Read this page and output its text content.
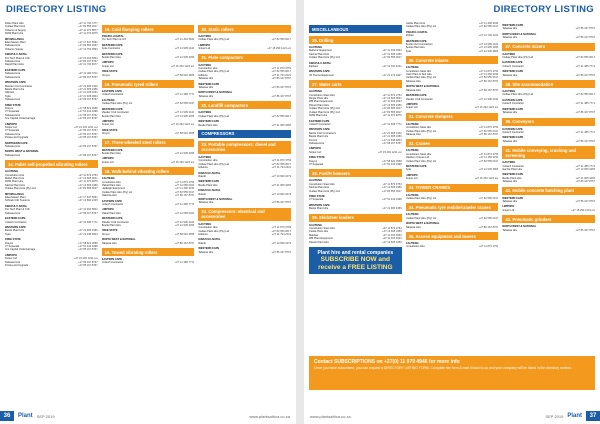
DIRECTORY LISTING
Rolex Plant Hire	+27 11 794 7277
Outlaw Plant Hire	+27 82 555 0017
Tobacco & Supply	+27 11 974 8877
RHW Plant Hire	+27 11 974 4875
MPUMALANGA
Ebenhaeser Plant	+27 17 647 5551
Tabassa Hire	+27 82 555 3907
Tobacco Supply	+27 13 752 3893
KWAZULU-NATAL
Pro Tech Plant & Crib	+27 31 463 5841
Tabassa Hire	+27 86 167 8767
Rapid Plant Hire	+27 31 700 6077
EASTERN CAPE
Tabassa Hire	+27 41 484 5711
Tabassa Hire	+27 86 167 8767
WESTERN CAPE
Mauder Civil Contractor	+27 21 905 2440
Bestle Plant Hire	+27 21 905 3456
Hillcrest	+27 21 945 2261
Syke	+27 21 945 4804
Tabassa Hire	+27 86 167 8767
FREE STATE
Dreyco	+27 58 622 3658
JT Supacala	+27 51 432 0498
Tabassa Hire	+27 86 167 8767
Gre Capital Undercarriage	+27 86 167 8767
LIMPOPO
Sniper Ltd	+27 15 293 1221 ext
JT Supacala	+27 86 167 8767
Tabassa Hire	+27 86 167 8767
Protea and Upgrade	+27 86 167 8767
NORTHERN CAPE
Tabassa Hire	+27 86 167 8767
NORTH WEST & NATIONAL
Tabassa Hire	+27 86 167 8767
14. Pallet self-propelled vibrating rollers
GAUTENG
Constitution Hire	+27 11 873 3753
Mabel Plant Hire	+27 12 665 0021
RHW Plant Hire	+27 11 974 4875
Sachia Plant Hire	+27 12 665 3456
Outlaw Plant Hire (Pty) Ltd	+27 82 555 0017
MPUMALANGA
Ebenhaeser Plant	+27 17 647 5551
Schraik Crib Systems	+27 13 690 2225
KWAZULU-NATAL
Pro Tech Plant & Crib	+27 31 463 5841
Tabassa Hire	+27 86 167 8767
EASTERN CAPE
Coltech Contractor	+27 41 486 7771
WESTERN CAPE
Bestle Plant Hire	+27 21 905 3456
Syke	+27 21 945 4804
FREE STATE
Dreyco	+27 58 622 3658
JT Supacala	+27 51 432 0498
Gre Capital Undercarriage	+27 86 167 8767
LIMPOPO
Sniper Ltd	+27 15 293 1221 ext
Tabassa Hire	+27 86 167 8767
Protea and Upgrade	+27 86 167 8767
15. Cold flamping rollers
KWAZULU-NATAL
Pro Tech Plant & Crib	+27 31 463 5841
WESTERN CAPE
Syke Contractor	+27 21 905 2440
WESTERN CAPE
Bestle Plant Hire	+27 21 905 3456
LIMPOPO
Sniper Ltd	+27 15 293 1221 ext
FREE STATE
Dreyco	+27 58 622 3658
16. Pneumatic tyred rollers
EASTERN CAPE
Coltech Contractor	+27 41 486 7771
GAUTENG
Outlaw Plant Hire (Pty) Ltd	+27 82 555 0017
WESTERN CAPE
Mauder Civil Contractor	+27 21 905 2440
Bestle Plant Hire	+27 21 905 3456
LIMPOPO
Sniper Ltd	+27 15 293 1221 ext
FREE STATE
Dreyco	+27 58 622 3658
17. Three-wheeled steel rollers
WESTERN CAPE
Bestle Plant Hire	+27 21 905 3456
LIMPOPO
Sniper Ltd	+27 15 293 1221 ext
18. Walk-behind vibrating rollers
GAUTENG
Constitution Hire	+27 11 873 3753
Mabel Plant Hire	+27 12 665 0021
Hadleigh Equipment	+27 11 466 3333
Outlaw Plant Hire (Pty) Ltd	+27 82 555 0017
Makonia Hire	+27 86 167 8767
EASTERN CAPE
Coltech Contractor	+27 41 486 7771
LIMPOPO
Mabel Plant Hire	+27 12 665 0021
WESTERN CAPE
Mauder Civil Contractor	+27 21 905 2440
Bestle Plant Hire	+27 21 905 3456
FREE STATE
Dreyco	+27 58 622 3658
NORTH WEST & NATIONAL
Tabassa Hire	+27 86 167 8767
19. Towed vibrating rollers
EASTERN CAPE
Coltech Contractor	+27 41 486 7771
20. Static rollers
GAUTENG
Outlaw Plant Hire (Pty) Ltd	+27 82 555 0017
LIMPOPO
Sniper Ltd	+27 15 293 1221 ext
21. Plate compactors
GAUTENG
Constitution Hire	+27 11 873 3753
Outlaw Plant Hire (Pty) Ltd	+27 82 555 0017
Hidelvia	+27 11 794 2221
Tabassa Hire	+27 86 167 8767
WESTERN CAPE
Tabassa Hire	+27 86 167 8767
NORTH WEST & NATIONAL
Tabassa Hire	+27 86 167 8767
22. Landfill compactors
GAUTENG
Outlaw Plant Hire (Pty) Ltd	+27 82 555 0017
WESTERN CAPE
Bestle Plant Hire	+27 21 905 3456
COMPRESSORS
23. Portable compressors: diesel and accessories
GAUTENG
Constitution Hire	+27 11 873 3753
Outlaw Plant Hire (Pty) Ltd	+27 82 555 0017
Hidelvia	+27 11 794 2221
KWAZULU-NATAL
Raterit	+27 13 690 1673
WESTERN CAPE
Bestle Plant Hire	+27 21 905 3456
KWAZULU-NATAL
Raterit	+27 13 690 1673
NORTH WEST & NATIONAL
Tabassa Hire	+27 86 167 8767
24. Compressors: electrical and accessories
GAUTENG
Constitution Hire	+27 11 873 3753
Outlaw Plant Hire (Pty) Ltd	+27 82 555 0017
Hidelvia	+27 11 794 2221
KWAZULU-NATAL
Raterit	+27 13 690 1673
WESTERN CAPE
Tabassa Hire	+27 86 167 8767
36	Plant SEP 2019	www.plantsafrica.co.za
DIRECTORY LISTING
MISCELLANEOUS
25. Drilling
GAUTENG
Malheric Equipment	+27 11 466 9333
Sachia Plant Hire	+27 12 665 3456
Outlaw Plant Hire (Pty) Ltd	+27 82 555 0017
KWAZULU-NATAL
Elphant	+27 31 700 2221
WESTERN CAPE
JN Tourne Equipment	+27 21 272 0427
27. Water carts
GAUTENG
Constitution Steel Hire	+27 11 873 3753
Ringle Plant Hire	+27 12 665 0021
WB Plant Equipment	+27 11 466 9333
Pitsani Plant Hire	+27 12 665 3456
Outlaw Plant Hire (Pty) Ltd	+27 82 555 0017
Outlaw Plant Hire (Pty) Ltd	+27 82 555 0017
RHW Plant Hire	+27 11 974 4875
EASTERN CAPE
Coltech Contractor	+27 41 486 7771
WESTERN CAPE
Bestle Civil Contractors	+27 21 905 2440
Bestle Plant Hire	+27 21 905 3456
Pomnit	+27 21 945 4804
Tabassa Hire	+27 86 167 8767
LIMPOPO
Sniper Ltd	+27 15 293 1221 ext
FREE STATE
Dreyco	+27 58 622 3658
JT Supacala	+27 51 432 0498
28. Fuel/H bowsers
GAUTENG
Constitution Steel Hire	+27 11 873 3753
Sachia Plant Hire	+27 12 665 3456
Outlaw Plant Hire (Pty) Ltd	+27 82 555 0017
FREE STATE
JT Supacala	+27 51 432 0498
WESTERN CAPE
Bestle Plant Hire	+27 21 905 3456
29. Skidsteer loaders
GAUTENG
Constitution Steel Hire	+27 11 873 3753
Castle Plant Hire	+27 12 665 3456
Makbas	+27 11 466 9333
WB Plant Equipment	+27 11 466 9333
Pitsani Plant Hire	+27 12 665 3456
Plant hire and rental companies
SUBSCRIBE NOW and
receive a FREE LISTING
Castle Plant Hire	+27 11 466 9333
Outlaw Plant Hire (Pty) Ltd	+27 82 555 0017
KWAZULU-NATAL
Elphant	+27 31 700 2221
WESTERN CAPE
Bestle Civil Contractors	+27 21 905 2440
Bestle Plant Hire	+27 21 905 3456
Syke	+27 21 945 4804
30. Concrete mixers
GAUTENG
Constitution Steel Hire	+27 11 873 3753
Cash Plant & Tool Hire	+27 11 466 9333
Outlaw Plant Hire (Pty) Ltd	+27 82 555 0017
Tabassa Hire	+27 86 167 8767
NORTH WEST & NATIONAL
Tabassa Hire	+27 86 167 8767
WESTERN CAPE
Mauder Civil Contractor	+27 21 905 2440
LIMPOPO
Sniper Ltd	+27 15 293 1221 ext
31. Concrete dumpers
GAUTENG
Constitution Steel Hire	+27 11 873 3753
Outlaw Plant Hire (Pty) Ltd	+27 82 555 0017
Tabassa Hire	+27 86 167 8767
32. Cranes
GAUTENG
Constitution Steel Hire	+27 11 873 3753
Madison Cranes Ltd	+27 11 466 9333
Outlaw Plant Hire (Pty) Ltd	+27 82 555 0017
WESTERN CAPE
Syke	+27 21 945 4804
LIMPOPO
Sniper Ltd	+27 15 293 1221 ext
33. TOWER CRANES
GAUTENG
Outlaw Plant Hire (Pty) Ltd	+27 82 555 0017
34. Pneumatic tyre mobile/crawler cranes
GAUTENG
Outlaw Plant Hire (Pty) Ltd	+27 82 555 0017
NORTH WEST & NATIONAL
Tabassa Hire	+27 86 167 8767
35. Access equipment and towers
GAUTENG
Constitution Hire	+27 11 873 3753
WESTERN CAPE
Tabassa Hire	+27 86 167 8767
NORTH WEST & NATIONAL
Tabassa Hire	+27 86 167 8767
37. Concrete mixers
GAUTENG
Outlaw Plant Hire (Pty) Ltd	+27 82 555 0017
EASTERN CAPE
Coltech Contractor	+27 41 486 7771
WESTERN CAPE
Tabassa Hire	+27 86 167 8767
38. Site accommodation
GAUTENG
Outlaw Plant Hire (Pty) Ltd	+27 82 555 0017
EASTERN CAPE
Coltech Contractor	+27 41 486 7771
WESTERN CAPE
Tabassa Hire	+27 86 167 8767
39. Conveyors
EASTERN CAPE
Coltech Contractor	+27 41 486 7771
WESTERN CAPE
Tabassa Hire	+27 86 167 8767
41. Mobile conveying, crushing and screening
GAUTENG
Coltech Contractor	+27 41 486 7771
Sachia Plant Hire	+27 12 665 3456
WESTERN CAPE
Bestle Plant Hire	+27 21 905 3456
Tabassa Hire	+27 86 167 8767
42. Mobile concrete batching plant
WESTERN CAPE
Tabassa Hire	+27 86 167 8767
LIMPOPO
Sniper Ltd	+27 15 293 1221 ext
43. Pneumatic grinders
NORTH WEST & NATIONAL
Tabassa Hire	+27 86 167 8767
Contact SUBSCRIPTIONS on +27(0) 11 979 4946 for more info
Once you have subscribed, you can request a DIRECTORY LISTING FORM. Complete the form & mail it back to us and your company will be listed in the directory section.
www.plantsafrica.co.za	SEP 2019 Plant	37
